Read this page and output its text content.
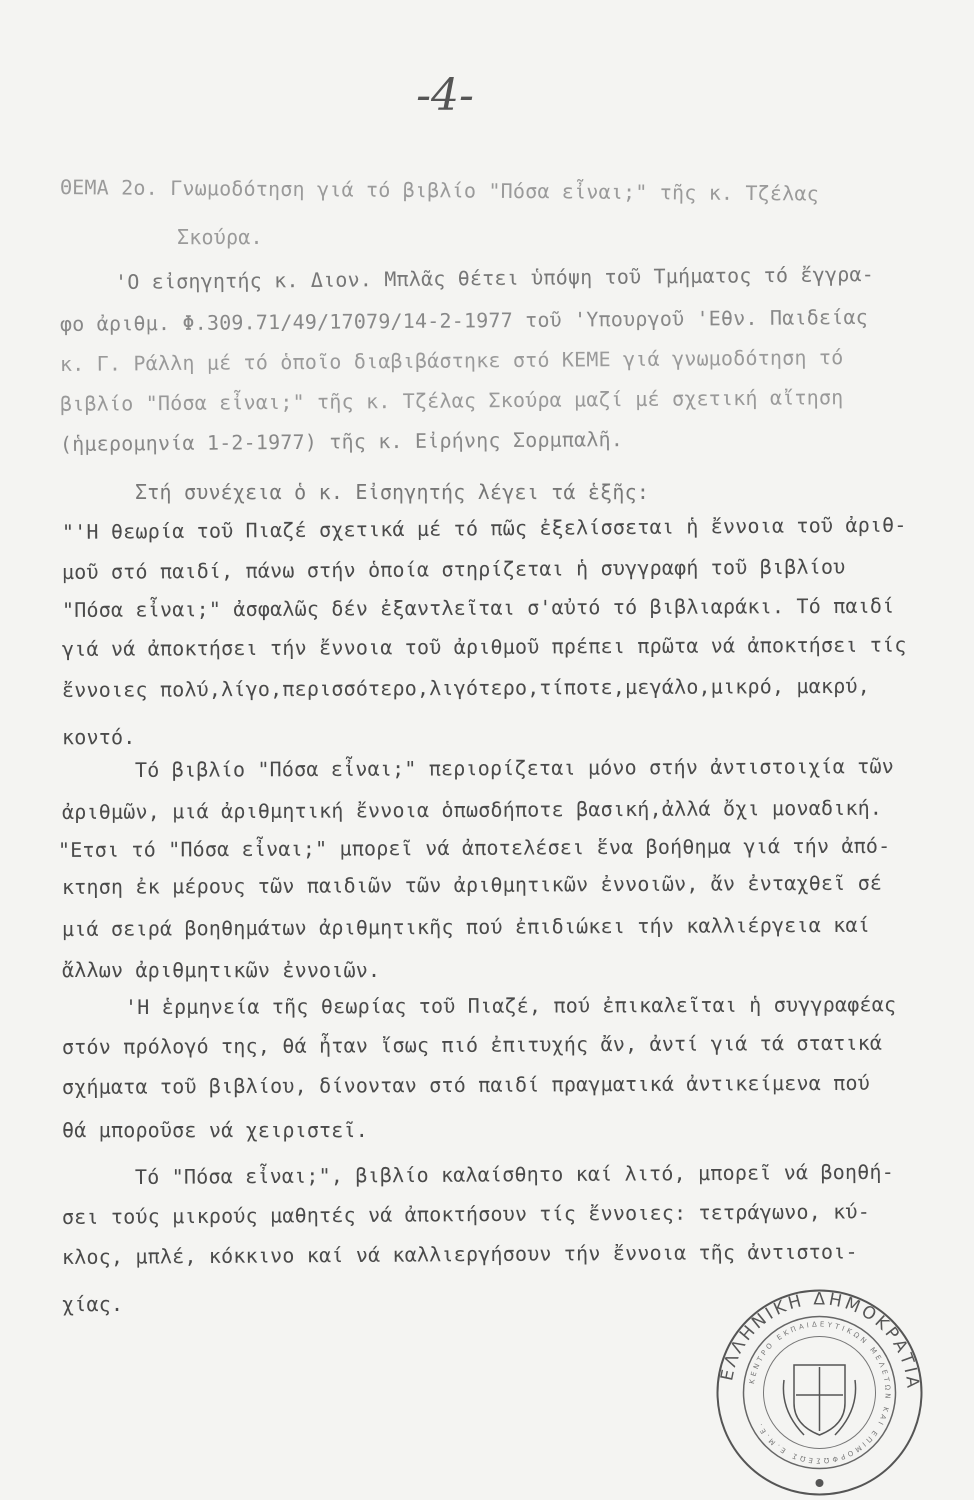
-4-
ΘΕΜΑ 2ο. Γνωμοδότηση γιά τό βιβλίο "Πόσα εἶναι;" τῆς κ. Τζέλας
Σκούρα.
'Ο εἰσηγητής κ. Διον. Μπλᾶς θέτει ὑπόψη τοῦ Τμήματος τό ἔγγρα-
φο ἀριθμ. Φ.309.71/49/17079/14-2-1977 τοῦ 'Υπουργοῦ 'Εθν. Παιδείας
κ. Γ. Ράλλη μέ τό ὁποῖο διαβιβάστηκε στό ΚΕΜΕ γιά γνωμοδότηση τό
βιβλίο "Πόσα εἶναι;" τῆς κ. Τζέλας Σκούρα μαζί μέ σχετική αἴτηση
(ἡμερομηνία 1-2-1977) τῆς κ. Εἰρήνης Σορμπαλῆ.
Στή συνέχεια ὁ κ. Εἰσηγητής λέγει τά ἑξῆς:
"'Η θεωρία τοῦ Πιαζέ σχετικά μέ τό πῶς ἐξελίσσεται ἡ ἔννοια τοῦ ἀριθ-
μοῦ στό παιδί, πάνω στήν ὁποία στηρίζεται ἡ συγγραφή τοῦ βιβλίου
"Πόσα εἶναι;" ἀσφαλῶς δέν ἐξαντλεῖται σ'αὐτό τό βιβλιαράκι. Τό παιδί
γιά νά ἀποκτήσει τήν ἔννοια τοῦ ἀριθμοῦ πρέπει πρῶτα νά ἀποκτήσει τίς
ἔννοιες πολύ,λίγο,περισσότερο,λιγότερο,τίποτε,μεγάλο,μικρό, μακρύ,
κοντό.
Τό βιβλίο "Πόσα εἶναι;" περιορίζεται μόνο στήν ἀντιστοιχία τῶν
ἀριθμῶν, μιά ἀριθμητική ἔννοια ὁπωσδήποτε βασική,ἀλλά ὄχι μοναδική.
"Ετσι τό "Πόσα εἶναι;" μπορεῖ νά ἀποτελέσει ἕνα βοήθημα γιά τήν ἀπό-
κτηση ἐκ μέρους τῶν παιδιῶν τῶν ἀριθμητικῶν ἐννοιῶν, ἄν ἐνταχθεῖ σέ
μιά σειρά βοηθημάτων ἀριθμητικῆς πού ἐπιδιώκει τήν καλλιέργεια καί
ἄλλων ἀριθμητικῶν ἐννοιῶν.
'Η ἑρμηνεία τῆς θεωρίας τοῦ Πιαζέ, πού ἐπικαλεῖται ἡ συγγραφέας
στόν πρόλογό της, θά ἦταν ἴσως πιό ἐπιτυχής ἄν, ἀντί γιά τά στατικά
σχήματα τοῦ βιβλίου, δίνονταν στό παιδί πραγματικά ἀντικείμενα πού
θά μποροῦσε νά χειριστεῖ.
Τό "Πόσα εἶναι;", βιβλίο καλαίσθητο καί λιτό, μπορεῖ νά βοηθή-
σει τούς μικρούς μαθητές νά ἀποκτήσουν τίς ἔννοιες: τετράγωνο, κύ-
κλος, μπλέ, κόκκινο καί νά καλλιεργήσουν τήν ἔννοια τῆς ἀντιστοι-
χίας.
ΕΛΛΗΝΙΚΗ ΔΗΜΟΚΡΑΤΙΑ
ΚΕΝΤΡΟ ΕΚΠΑΙΔΕΥΤΙΚΩΝ ΜΕΛΕΤΩΝ ΚΑΙ ΕΠΙΜΟΡΦΩΣΕΩΣ Ε.Μ.Ε.
